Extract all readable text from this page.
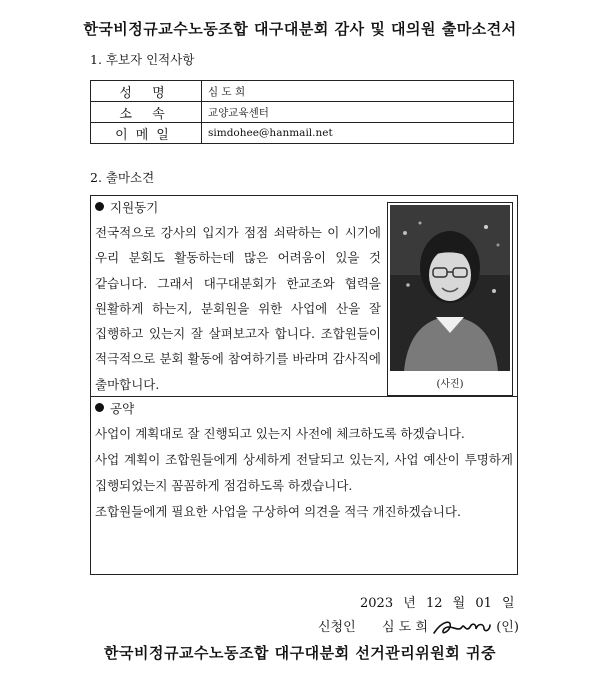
한국비정규교수노동조합 대구대분회 감사 및 대의원 출마소견서
1. 후보자 인적사항
성 명	심 도 희
소 속	교양교육센터
이메일	simdohee@hanmail.net
2. 출마소견
지원동기
전국적으로 강사의 입지가 점점 쇠락하는 이 시기에 우리 분회도 활동하는데 많은 어려움이 있을 것 같습니다. 그래서 대구대분회가 한교조와 협력을 원활하게 하는지, 분회원을 위한 사업에 산을 잘 집행하고 있는지 잘 살펴보고자 합니다. 조합원들이 적극적으로 분회 활동에 참여하기를 바라며 감사직에 출마합니다.	(사진)
공약

사업이 계획대로 잘 진행되고 있는지 사전에 체크하도록 하겠습니다.

사업 계획이 조합원들에게 상세하게 전달되고 있는지, 사업 예산이 투명하게 집행되었는지 꼼꼼하게 점검하도록 하겠습니다.

조합원들에게 필요한 사업을 구상하여 의견을 적극 개진하겠습니다.

2023 년 12 월 01 일
신청인 심 도 희	(인)
한국비정규교수노동조합 대구대분회 선거관리위원회 귀중
